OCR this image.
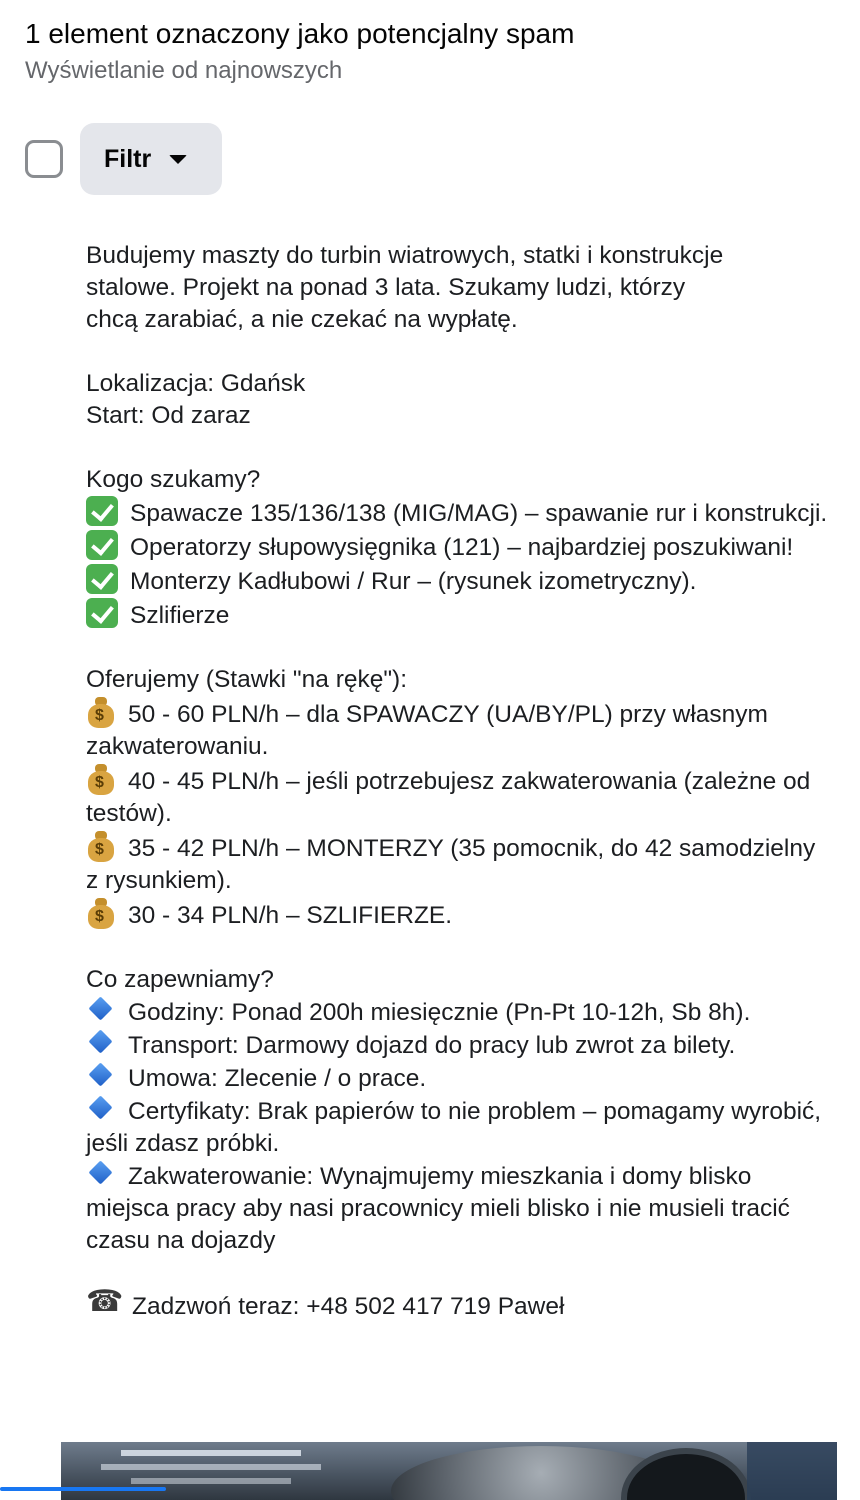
1 element oznaczony jako potencjalny spam
Wyświetlanie od najnowszych
Filtr
Budujemy maszty do turbin wiatrowych, statki i konstrukcje
stalowe. Projekt na ponad 3 lata. Szukamy ludzi, którzy
chcą zarabiać, a nie czekać na wypłatę.
Lokalizacja: Gdańsk
Start: Od zaraz
Kogo szukamy?
Spawacze 135/136/138 (MIG/MAG) – spawanie rur i konstrukcji.
Operatorzy słupowysięgnika (121) – najbardziej poszukiwani!
Monterzy Kadłubowi / Rur – (rysunek izometryczny).
Szlifierze
Oferujemy (Stawki "na rękę"):
$ 50 - 60 PLN/h – dla SPAWACZY (UA/BY/PL) przy własnym zakwaterowaniu.
$ 40 - 45 PLN/h – jeśli potrzebujesz zakwaterowania (zależne od testów).
$ 35 - 42 PLN/h – MONTERZY (35 pomocnik, do 42 samodzielny z rysunkiem).
$ 30 - 34 PLN/h – SZLIFIERZE.
Co zapewniamy?
Godziny: Ponad 200h miesięcznie (Pn-Pt 10-12h, Sb 8h).
Transport: Darmowy dojazd do pracy lub zwrot za bilety.
Umowa: Zlecenie / o prace.
Certyfikaty: Brak papierów to nie problem – pomagamy wyrobić, jeśli zdasz próbki.
Zakwaterowanie: Wynajmujemy mieszkania i domy blisko miejsca pracy aby nasi pracownicy mieli blisko i nie musieli tracić czasu na dojazdy
☎Zadzwoń teraz: +48 502 417 719 Paweł
